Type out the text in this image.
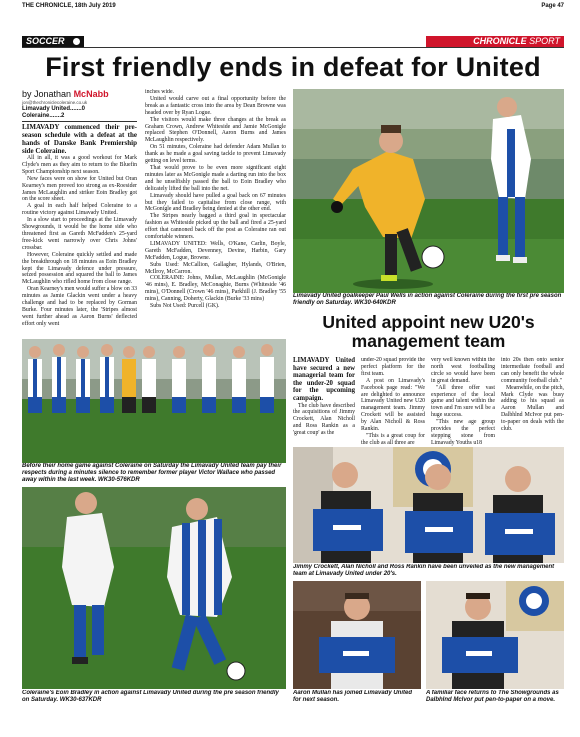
THE CHRONICLE, 18th July 2019	Page 47
SOCCER	CHRONICLE SPORT
First friendly ends in defeat for United
by Jonathan McNabb
jon@thechroniclecoleraine.co.uk
Limavady United.......0
Coleraine.......2

LIMAVADY commenced their pre-season schedule with a defeat at the hands of Danske Bank Premiership side Coleraine.

All in all, it was a good workout for Mark Clyde's men as they aim to return to the Bluefin Sport Championship next season.

New faces were on show for United but Oran Kearney's men proved too strong as ex-Roesider James McLaughlin and striker Eoin Bradley got on the score sheet.

A goal in each half helped Coleraine to a routine victory against Limavady United.

In a slow start to proceedings at the Limavady Showgrounds, it would be the home side who threatened first as Gareth McFadden's 25-yard free-kick went narrowly over Chris Johns' crossbar.

However, Coleraine quickly settled and made the breakthrough on 18 minutes as Eoin Bradley kept the Limavady defence under pressure, seized possession and squared the ball to James McLaughlin who rifled home from close range.

Oran Kearney's men would suffer a blow on 33 minutes as Jamie Glackin went under a heavy challenge and had to be replaced by Gorman Burke. Four minutes later, the 'Stripes almost went further ahead as Aaron Burns' deflected effort only went

inches wide.

United would carve out a final opportunity before the break as a fantastic cross into the area by Dean Browne was headed over by Ryan Logue.

The visitors would make three changes at the break as Graham Crown, Andrew Whiteside and Jamie McGonigle replaced Stephen O'Donnell, Aaron Burns and James McLaughlin respectively.

On 51 minutes, Coleraine had defender Adam Mullan to thank as he made a goal saving tackle to prevent Limavady getting on level terms.

That would prove to be even more significant eight minutes later as McGonigle made a darting run into the box and he unselfishly passed the ball to Eoin Bradley who delicately lifted the ball into the net.

Limavady should have pulled a goal back on 67 minutes but they failed to capitalise from close range, with McGonigle and Bradley being denied at the other end.

The Stripes nearly bagged a third goal in spectacular fashion as Whiteside picked up the ball and fired a 25-yard effort that cannoned back off the post as Coleraine ran out comfortable winners.

LIMAVADY UNITED: Wells, O'Kane, Carlin, Boyle, Gareth McFadden, Devenney, Devine, Harbin, Gary McFadden, Logue, Browne.

Subs Used: McCallion, Gallagher, Hylands, O'Brien, McIlroy, McCarron.

COLERAINE: Johns, Mullan, McLaughlin (McGonigle '46 mins), E. Bradley, McConaghie, Burns (Whiteside '46 mins), O'Donnell (Crown '46 mins), Parkhill (J. Bradley '55 mins), Canning, Doherty, Glackin (Burke '33 mins)

Subs Not Used: Purcell (GK).

Limavady United goalkeeper Paul Wells in action against Coleraine during the first pre season friendly on Saturday. WK30-640KDR
Before their home game against Coleraine on Saturday the Limavady United team pay their respects during a minutes silence to remember former player Victor Wallace who passed away within the last week. WK30-576KDR
Coleraine's Eoin Bradley in action against Limavady United during the pre season friendly on Saturday. WK30-637KDR
United appoint new U20's management team

LIMAVADY United have secured a new managerial team for the under-20 squad for the upcoming campaign.

The club have described the acquisitions of Jimmy Crockett, Alan Nicholl and Ross Rankin as a 'great coup' as the

under-20 squad provide the perfect platform for the first team.

A post on Limavady's Facebook page read: "We are delighted to announce Limavady United new U20 management team. Jimmy Crockett will be assisted by Alan Nicholl & Ross Rankin.

"This is a great coup for the club as all three are

very well known within the north west footballing circle so would have been in great demand.

"All three offer vast experience of the local game and talent within the town and I'm sure will be a huge success.

"This new age group provides the perfect stepping stone from Limavady Youths u18

into 20s then onto senior intermediate football and can only benefit the whole community football club."

Meanwhile, on the pitch, Mark Clyde was busy adding to his squad as Aaron Mullan and Dalbhlnd McIvor put pen-to-paper on deals with the club.

Jimmy Crockett, Alan Nicholl and Ross Rankin have been unveiled as the new management team at Limavady United under 20's.
Aaron Mullan has joined Limavady United for next season.
A familiar face returns to The Showgrounds as Dalbhlnd McIvor put pen-to-paper on a move.
